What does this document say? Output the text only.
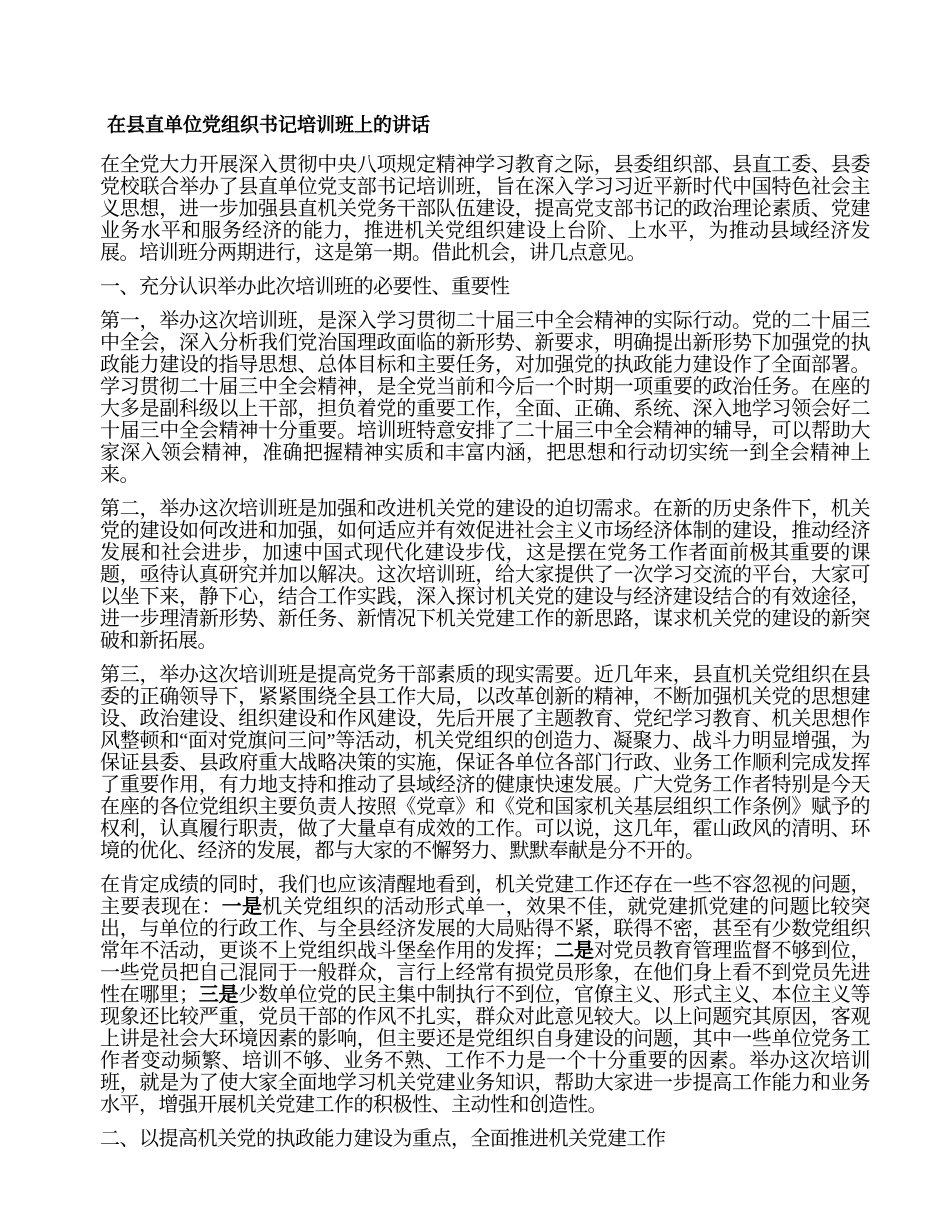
在县直单位党组织书记培训班上的讲话

在全党大力开展深入贯彻中央八项规定精神学习教育之际，县委组织部、县直工委、县委党校联合举办了县直单位党支部书记培训班，旨在深入学习习近平新时代中国特色社会主义思想，进一步加强县直机关党务干部队伍建设，提高党支部书记的政治理论素质、党建业务水平和服务经济的能力，推进机关党组织建设上台阶、上水平，为推动县域经济发展。培训班分两期进行，这是第一期。借此机会，讲几点意见。

一、充分认识举办此次培训班的必要性、重要性

第一，举办这次培训班，是深入学习贯彻二十届三中全会精神的实际行动。党的二十届三中全会，深入分析我们党治国理政面临的新形势、新要求，明确提出新形势下加强党的执政能力建设的指导思想、总体目标和主要任务，对加强党的执政能力建设作了全面部署。学习贯彻二十届三中全会精神，是全党当前和今后一个时期一项重要的政治任务。在座的大多是副科级以上干部，担负着党的重要工作，全面、正确、系统、深入地学习领会好二十届三中全会精神十分重要。培训班特意安排了二十届三中全会精神的辅导，可以帮助大家深入领会精神，准确把握精神实质和丰富内涵，把思想和行动切实统一到全会精神上来。

第二，举办这次培训班是加强和改进机关党的建设的迫切需求。在新的历史条件下，机关党的建设如何改进和加强，如何适应并有效促进社会主义市场经济体制的建设，推动经济发展和社会进步，加速中国式现代化建设步伐，这是摆在党务工作者面前极其重要的课题，亟待认真研究并加以解决。这次培训班，给大家提供了一次学习交流的平台，大家可以坐下来，静下心，结合工作实践，深入探讨机关党的建设与经济建设结合的有效途径，进一步理清新形势、新任务、新情况下机关党建工作的新思路，谋求机关党的建设的新突破和新拓展。

第三，举办这次培训班是提高党务干部素质的现实需要。近几年来，县直机关党组织在县委的正确领导下，紧紧围绕全县工作大局，以改革创新的精神，不断加强机关党的思想建设、政治建设、组织建设和作风建设，先后开展了主题教育、党纪学习教育、机关思想作风整顿和“面对党旗问三问”等活动，机关党组织的创造力、凝聚力、战斗力明显增强，为保证县委、县政府重大战略决策的实施，保证各单位各部门行政、业务工作顺利完成发挥了重要作用，有力地支持和推动了县域经济的健康快速发展。广大党务工作者特别是今天在座的各位党组织主要负责人按照《党章》和《党和国家机关基层组织工作条例》赋予的权利，认真履行职责，做了大量卓有成效的工作。可以说，这几年，霍山政风的清明、环境的优化、经济的发展，都与大家的不懈努力、默默奉献是分不开的。

在肯定成绩的同时，我们也应该清醒地看到，机关党建工作还存在一些不容忽视的问题，主要表现在：一是机关党组织的活动形式单一，效果不佳，就党建抓党建的问题比较突出，与单位的行政工作、与全县经济发展的大局贴得不紧，联得不密，甚至有少数党组织常年不活动，更谈不上党组织战斗堡垒作用的发挥；二是对党员教育管理监督不够到位，一些党员把自己混同于一般群众，言行上经常有损党员形象，在他们身上看不到党员先进性在哪里；三是少数单位党的民主集中制执行不到位，官僚主义、形式主义、本位主义等现象还比较严重，党员干部的作风不扎实，群众对此意见较大。以上问题究其原因，客观上讲是社会大环境因素的影响，但主要还是党组织自身建设的问题，其中一些单位党务工作者变动频繁、培训不够、业务不熟、工作不力是一个十分重要的因素。举办这次培训班，就是为了使大家全面地学习机关党建业务知识，帮助大家进一步提高工作能力和业务水平，增强开展机关党建工作的积极性、主动性和创造性。

二、以提高机关党的执政能力建设为重点，全面推进机关党建工作
